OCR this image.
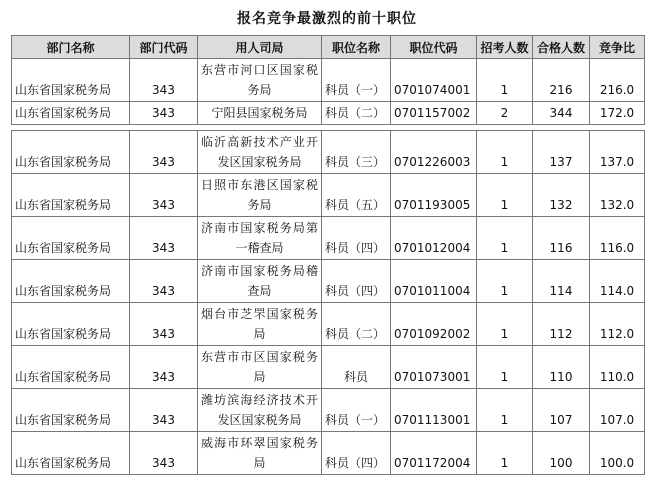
报名竞争最激烈的前十职位
部门名称	部门代码	用人司局	职位名称	职位代码	招考人数	合格人数	竞争比
山东省国家税务局	343	东营市河口区国家税务局	科员（一）	0701074001	1	216	216.0
山东省国家税务局	343	宁阳县国家税务局	科员（二）	0701157002	2	344	172.0

山东省国家税务局	343	临沂高新技术产业开发区国家税务局	科员（三）	0701226003	1	137	137.0
山东省国家税务局	343	日照市东港区国家税务局	科员（五）	0701193005	1	132	132.0
山东省国家税务局	343	济南市国家税务局第一稽查局	科员（四）	0701012004	1	116	116.0
山东省国家税务局	343	济南市国家税务局稽查局	科员（四）	0701011004	1	114	114.0
山东省国家税务局	343	烟台市芝罘国家税务局	科员（二）	0701092002	1	112	112.0
山东省国家税务局	343	东营市市区国家税务局	科员	0701073001	1	110	110.0
山东省国家税务局	343	潍坊滨海经济技术开发区国家税务局	科员（一）	0701113001	1	107	107.0
山东省国家税务局	343	威海市环翠国家税务局	科员（四）	0701172004	1	100	100.0
